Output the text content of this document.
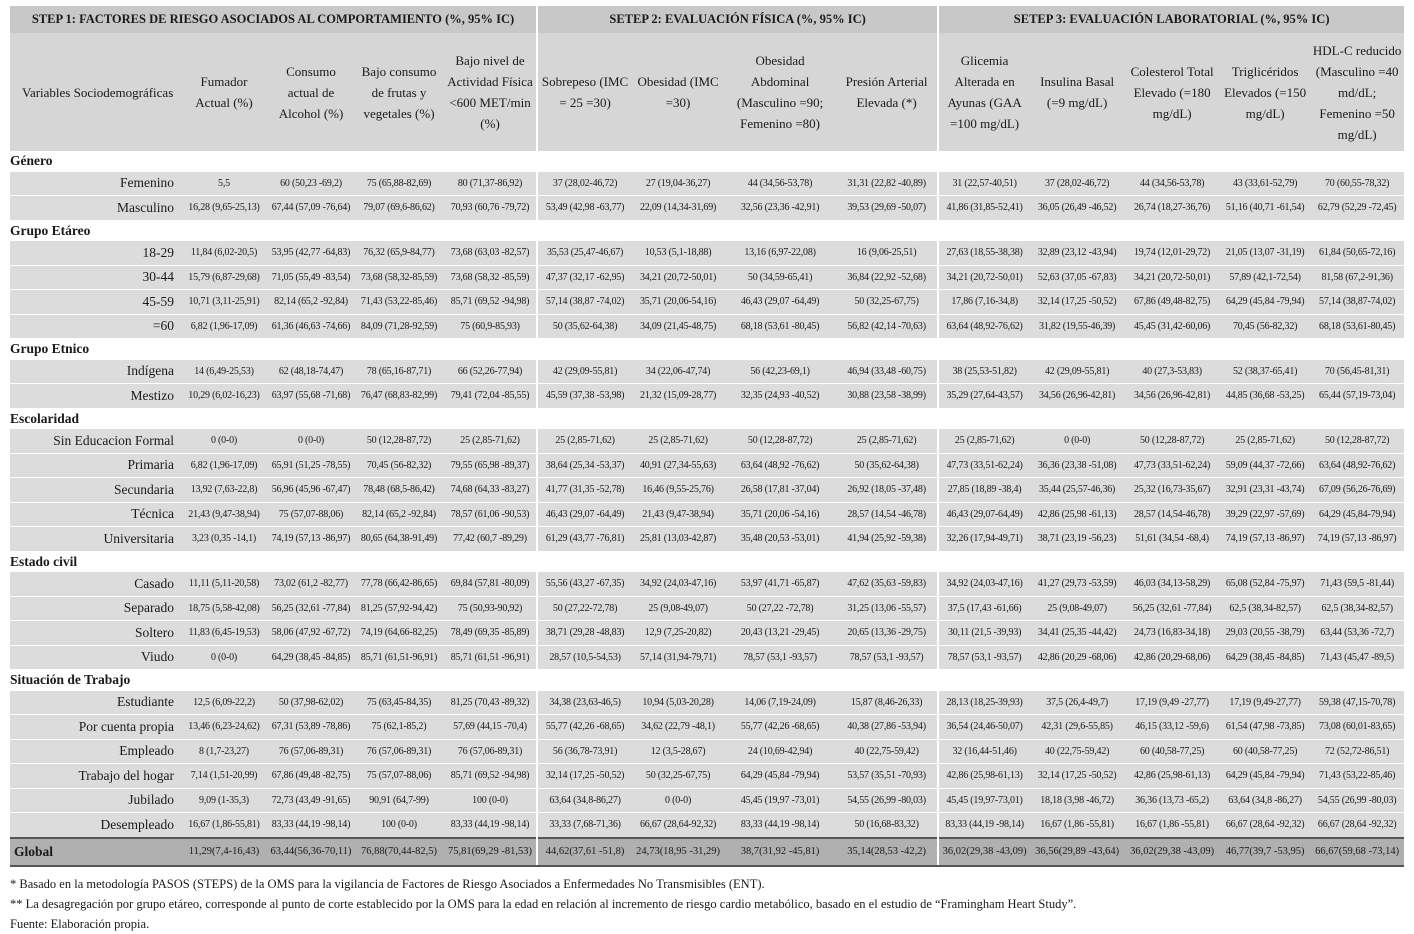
STEP 1: FACTORES DE RIESGO ASOCIADOS AL COMPORTAMIENTO (%, 95% IC)					SETEP 2: EVALUACIÓN FÍSICA (%, 95% IC)				SETEP 3: EVALUACIÓN LABORATORIAL (%, 95% IC)				
Variables Sociodemográficas	Fumador Actual (%)	Consumo actual de Alcohol (%)	Bajo consumo de frutas y vegetales (%)	Bajo nivel de Actividad Física <600 MET/min (%)	Sobrepeso (IMC = 25 =30)	Obesidad (IMC =30)	Obesidad Abdominal (Masculino =90; Femenino =80)	Presión Arterial Elevada (*)	Glicemia Alterada en Ayunas (GAA =100 mg/dL)	Insulina Basal (=9 mg/dL)	Colesterol Total Elevado (=180 mg/dL)	Triglicéridos Elevados (=150 mg/dL)	HDL-C reducido (Masculino =40 md/dL; Femenino =50 mg/dL)
Género													
Femenino	5,5	60 (50,23 -69,2)	75 (65,88-82,69)	80 (71,37-86,92)	37 (28,02-46,72)	27 (19,04-36,27)	44 (34,56-53,78)	31,31 (22,82 -40,89)	31 (22,57-40,51)	37 (28,02-46,72)	44 (34,56-53,78)	43 (33,61-52,79)	70 (60,55-78,32)
Masculino	16,28 (9,65-25,13)	67,44 (57,09 -76,64)	79,07 (69,6-86,62)	70,93 (60,76 -79,72)	53,49 (42,98 -63,77)	22,09 (14,34-31,69)	32,56 (23,36 -42,91)	39,53 (29,69 -50,07)	41,86 (31,85-52,41)	36,05 (26,49 -46,52)	26,74 (18,27-36,76)	51,16 (40,71 -61,54)	62,79 (52,29 -72,45)
Grupo Etáreo													
18-29	11,84 (6,02-20,5)	53,95 (42,77 -64,83)	76,32 (65,9-84,77)	73,68 (63,03 -82,57)	35,53 (25,47-46,67)	10,53 (5,1-18,88)	13,16 (6,97-22,08)	16 (9,06-25,51)	27,63 (18,55-38,38)	32,89 (23,12 -43,94)	19,74 (12,01-29,72)	21,05 (13,07 -31,19)	61,84 (50,65-72,16)
30-44	15,79 (6,87-29,68)	71,05 (55,49 -83,54)	73,68 (58,32-85,59)	73,68 (58,32 -85,59)	47,37 (32,17 -62,95)	34,21 (20,72-50,01)	50 (34,59-65,41)	36,84 (22,92 -52,68)	34,21 (20,72-50,01)	52,63 (37,05 -67,83)	34,21 (20,72-50,01)	57,89 (42,1-72,54)	81,58 (67,2-91,36)
45-59	10,71 (3,11-25,91)	82,14 (65,2 -92,84)	71,43 (53,22-85,46)	85,71 (69,52 -94,98)	57,14 (38,87 -74,02)	35,71 (20,06-54,16)	46,43 (29,07 -64,49)	50 (32,25-67,75)	17,86 (7,16-34,8)	32,14 (17,25 -50,52)	67,86 (49,48-82,75)	64,29 (45,84 -79,94)	57,14 (38,87-74,02)
=60	6,82 (1,96-17,09)	61,36 (46,63 -74,66)	84,09 (71,28-92,59)	75 (60,9-85,93)	50 (35,62-64,38)	34,09 (21,45-48,75)	68,18 (53,61 -80,45)	56,82 (42,14 -70,63)	63,64 (48,92-76,62)	31,82 (19,55-46,39)	45,45 (31,42-60,06)	70,45 (56-82,32)	68,18 (53,61-80,45)
Grupo Etnico													
Indígena	14 (6,49-25,53)	62 (48,18-74,47)	78 (65,16-87,71)	66 (52,26-77,94)	42 (29,09-55,81)	34 (22,06-47,74)	56 (42,23-69,1)	46,94 (33,48 -60,75)	38 (25,53-51,82)	42 (29,09-55,81)	40 (27,3-53,83)	52 (38,37-65,41)	70 (56,45-81,31)
Mestizo	10,29 (6,02-16,23)	63,97 (55,68 -71,68)	76,47 (68,83-82,99)	79,41 (72,04 -85,55)	45,59 (37,38 -53,98)	21,32 (15,09-28,77)	32,35 (24,93 -40,52)	30,88 (23,58 -38,99)	35,29 (27,64-43,57)	34,56 (26,96-42,81)	34,56 (26,96-42,81)	44,85 (36,68 -53,25)	65,44 (57,19-73,04)
Escolaridad													
Sin Educacion Formal	0 (0-0)	0 (0-0)	50 (12,28-87,72)	25 (2,85-71,62)	25 (2,85-71,62)	25 (2,85-71,62)	50 (12,28-87,72)	25 (2,85-71,62)	25 (2,85-71,62)	0 (0-0)	50 (12,28-87,72)	25 (2,85-71,62)	50 (12,28-87,72)
Primaria	6,82 (1,96-17,09)	65,91 (51,25 -78,55)	70,45 (56-82,32)	79,55 (65,98 -89,37)	38,64 (25,34 -53,37)	40,91 (27,34-55,63)	63,64 (48,92 -76,62)	50 (35,62-64,38)	47,73 (33,51-62,24)	36,36 (23,38 -51,08)	47,73 (33,51-62,24)	59,09 (44,37 -72,66)	63,64 (48,92-76,62)
Secundaria	13,92 (7,63-22,8)	56,96 (45,96 -67,47)	78,48 (68,5-86,42)	74,68 (64,33 -83,27)	41,77 (31,35 -52,78)	16,46 (9,55-25,76)	26,58 (17,81 -37,04)	26,92 (18,05 -37,48)	27,85 (18,89 -38,4)	35,44 (25,57-46,36)	25,32 (16,73-35,67)	32,91 (23,31 -43,74)	67,09 (56,26-76,69)
Técnica	21,43 (9,47-38,94)	75 (57,07-88,06)	82,14 (65,2 -92,84)	78,57 (61,06 -90,53)	46,43 (29,07 -64,49)	21,43 (9,47-38,94)	35,71 (20,06 -54,16)	28,57 (14,54 -46,78)	46,43 (29,07-64,49)	42,86 (25,98 -61,13)	28,57 (14,54-46,78)	39,29 (22,97 -57,69)	64,29 (45,84-79,94)
Universitaria	3,23 (0,35 -14,1)	74,19 (57,13 -86,97)	80,65 (64,38-91,49)	77,42 (60,7 -89,29)	61,29 (43,77 -76,81)	25,81 (13,03-42,87)	35,48 (20,53 -53,01)	41,94 (25,92 -59,38)	32,26 (17,94-49,71)	38,71 (23,19 -56,23)	51,61 (34,54 -68,4)	74,19 (57,13 -86,97)	74,19 (57,13 -86,97)
Estado civil													
Casado	11,11 (5,11-20,58)	73,02 (61,2 -82,77)	77,78 (66,42-86,65)	69,84 (57,81 -80,09)	55,56 (43,27 -67,35)	34,92 (24,03-47,16)	53,97 (41,71 -65,87)	47,62 (35,63 -59,83)	34,92 (24,03-47,16)	41,27 (29,73 -53,59)	46,03 (34,13-58,29)	65,08 (52,84 -75,97)	71,43 (59,5 -81,44)
Separado	18,75 (5,58-42,08)	56,25 (32,61 -77,84)	81,25 (57,92-94,42)	75 (50,93-90,92)	50 (27,22-72,78)	25 (9,08-49,07)	50 (27,22 -72,78)	31,25 (13,06 -55,57)	37,5 (17,43 -61,66)	25 (9,08-49,07)	56,25 (32,61 -77,84)	62,5 (38,34-82,57)	62,5 (38,34-82,57)
Soltero	11,83 (6,45-19,53)	58,06 (47,92 -67,72)	74,19 (64,66-82,25)	78,49 (69,35 -85,89)	38,71 (29,28 -48,83)	12,9 (7,25-20,82)	20,43 (13,21 -29,45)	20,65 (13,36 -29,75)	30,11 (21,5 -39,93)	34,41 (25,35 -44,42)	24,73 (16,83-34,18)	29,03 (20,55 -38,79)	63,44 (53,36 -72,7)
Viudo	0 (0-0)	64,29 (38,45 -84,85)	85,71 (61,51-96,91)	85,71 (61,51 -96,91)	28,57 (10,5-54,53)	57,14 (31,94-79,71)	78,57 (53,1 -93,57)	78,57 (53,1 -93,57)	78,57 (53,1 -93,57)	42,86 (20,29 -68,06)	42,86 (20,29-68,06)	64,29 (38,45 -84,85)	71,43 (45,47 -89,5)
Situación de Trabajo													
Estudiante	12,5 (6,09-22,2)	50 (37,98-62,02)	75 (63,45-84,35)	81,25 (70,43 -89,32)	34,38 (23,63-46,5)	10,94 (5,03-20,28)	14,06 (7,19-24,09)	15,87 (8,46-26,33)	28,13 (18,25-39,93)	37,5 (26,4-49,7)	17,19 (9,49 -27,77)	17,19 (9,49-27,77)	59,38 (47,15-70,78)
Por cuenta propia	13,46 (6,23-24,62)	67,31 (53,89 -78,86)	75 (62,1-85,2)	57,69 (44,15 -70,4)	55,77 (42,26 -68,65)	34,62 (22,79 -48,1)	55,77 (42,26 -68,65)	40,38 (27,86 -53,94)	36,54 (24,46-50,07)	42,31 (29,6-55,85)	46,15 (33,12 -59,6)	61,54 (47,98 -73,85)	73,08 (60,01-83,65)
Empleado	8 (1,7-23,27)	76 (57,06-89,31)	76 (57,06-89,31)	76 (57,06-89,31)	56 (36,78-73,91)	12 (3,5-28,67)	24 (10,69-42,94)	40 (22,75-59,42)	32 (16,44-51,46)	40 (22,75-59,42)	60 (40,58-77,25)	60 (40,58-77,25)	72 (52,72-86,51)
Trabajo del hogar	7,14 (1,51-20,99)	67,86 (49,48 -82,75)	75 (57,07-88,06)	85,71 (69,52 -94,98)	32,14 (17,25 -50,52)	50 (32,25-67,75)	64,29 (45,84 -79,94)	53,57 (35,51 -70,93)	42,86 (25,98-61,13)	32,14 (17,25 -50,52)	42,86 (25,98-61,13)	64,29 (45,84 -79,94)	71,43 (53,22-85,46)
Jubilado	9,09 (1-35,3)	72,73 (43,49 -91,65)	90,91 (64,7-99)	100 (0-0)	63,64 (34,8-86,27)	0 (0-0)	45,45 (19,97 -73,01)	54,55 (26,99 -80,03)	45,45 (19,97-73,01)	18,18 (3,98 -46,72)	36,36 (13,73 -65,2)	63,64 (34,8 -86,27)	54,55 (26,99 -80,03)
Desempleado	16,67 (1,86-55,81)	83,33 (44,19 -98,14)	100 (0-0)	83,33 (44,19 -98,14)	33,33 (7,68-71,36)	66,67 (28,64-92,32)	83,33 (44,19 -98,14)	50 (16,68-83,32)	83,33 (44,19 -98,14)	16,67 (1,86 -55,81)	16,67 (1,86 -55,81)	66,67 (28,64 -92,32)	66,67 (28,64 -92,32)
Global	11,29(7,4-16,43)	63,44(56,36-70,11)	76,88(70,44-82,5)	75,81(69,29 -81,53)	44,62(37,61 -51,8)	24,73(18,95 -31,29)	38,7(31,92 -45,81)	35,14(28,53 -42,2)	36,02(29,38 -43,09)	36,56(29,89 -43,64)	36,02(29,38 -43,09)	46,77(39,7 -53,95)	66,67(59,68 -73,14)
* Basado en la metodología PASOS (STEPS) de la OMS para la vigilancia de Factores de Riesgo Asociados a Enfermedades No Transmisibles (ENT).
** La desagregación por grupo etáreo, corresponde al punto de corte establecido por la OMS para la edad en relación al incremento de riesgo cardio metabólico, basado en el estudio de “Framingham Heart Study”.
Fuente: Elaboración propia.
